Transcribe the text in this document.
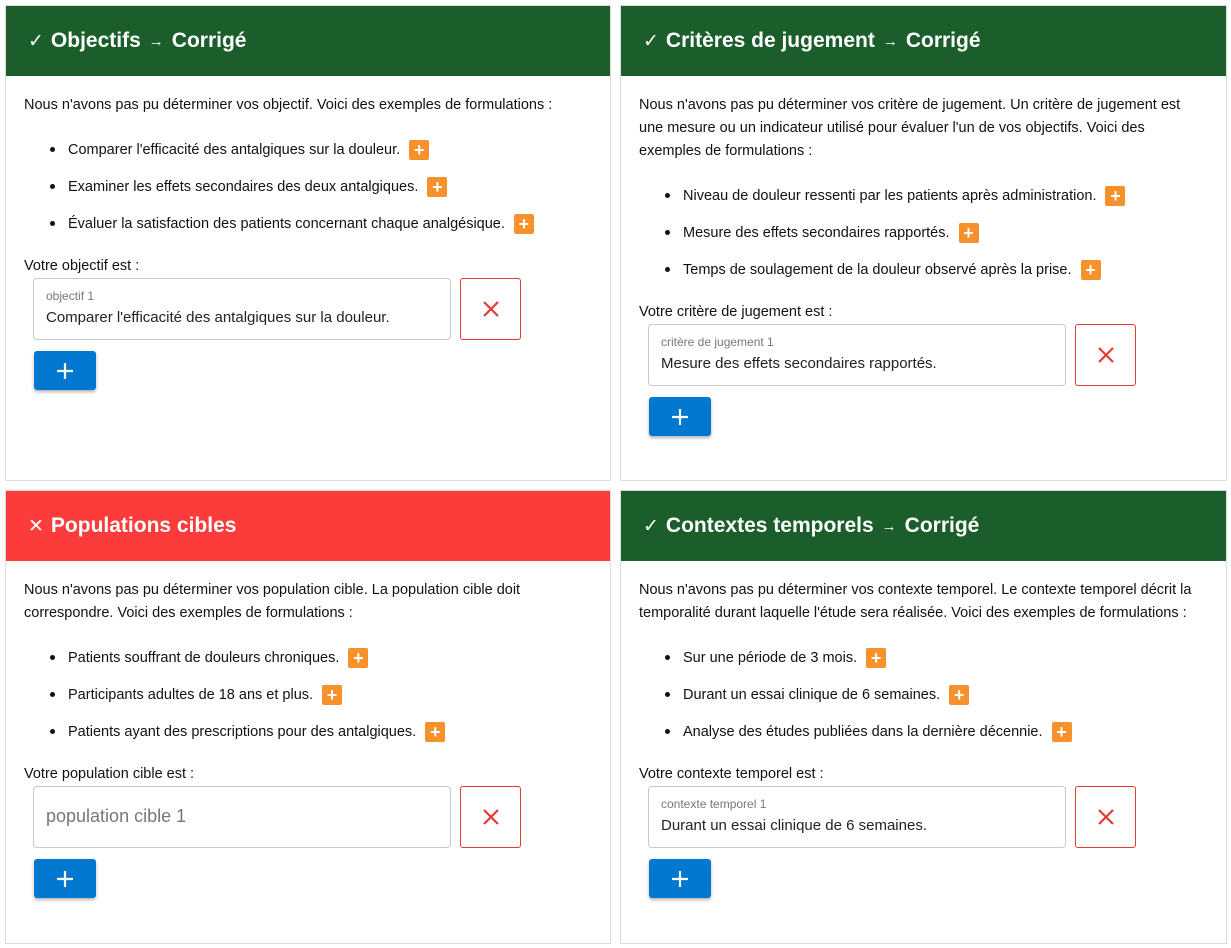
✓ Objectifs → Corrigé

Nous n'avons pas pu déterminer vos objectif. Voici des exemples de formulations :

Comparer l'efficacité des antalgiques sur la douleur. +
Examiner les effets secondaires des deux antalgiques. +
Évaluer la satisfaction des patients concernant chaque analgésique. +
Votre objectif est :
objectif 1
Comparer l'efficacité des antalgiques sur la douleur.
✓ Critères de jugement → Corrigé

Nous n'avons pas pu déterminer vos critère de jugement. Un critère de jugement est une mesure ou un indicateur utilisé pour évaluer l'un de vos objectifs. Voici des exemples de formulations :

Niveau de douleur ressenti par les patients après administration. +
Mesure des effets secondaires rapportés. +
Temps de soulagement de la douleur observé après la prise. +
Votre critère de jugement est :
critère de jugement 1
Mesure des effets secondaires rapportés.
✕ Populations cibles

Nous n'avons pas pu déterminer vos population cible. La population cible doit correspondre. Voici des exemples de formulations :

Patients souffrant de douleurs chroniques. +
Participants adultes de 18 ans et plus. +
Patients ayant des prescriptions pour des antalgiques. +
Votre population cible est :
population cible 1
✓ Contextes temporels → Corrigé

Nous n'avons pas pu déterminer vos contexte temporel. Le contexte temporel décrit la temporalité durant laquelle l'étude sera réalisée. Voici des exemples de formulations :

Sur une période de 3 mois. +
Durant un essai clinique de 6 semaines. +
Analyse des études publiées dans la dernière décennie. +
Votre contexte temporel est :
contexte temporel 1
Durant un essai clinique de 6 semaines.
